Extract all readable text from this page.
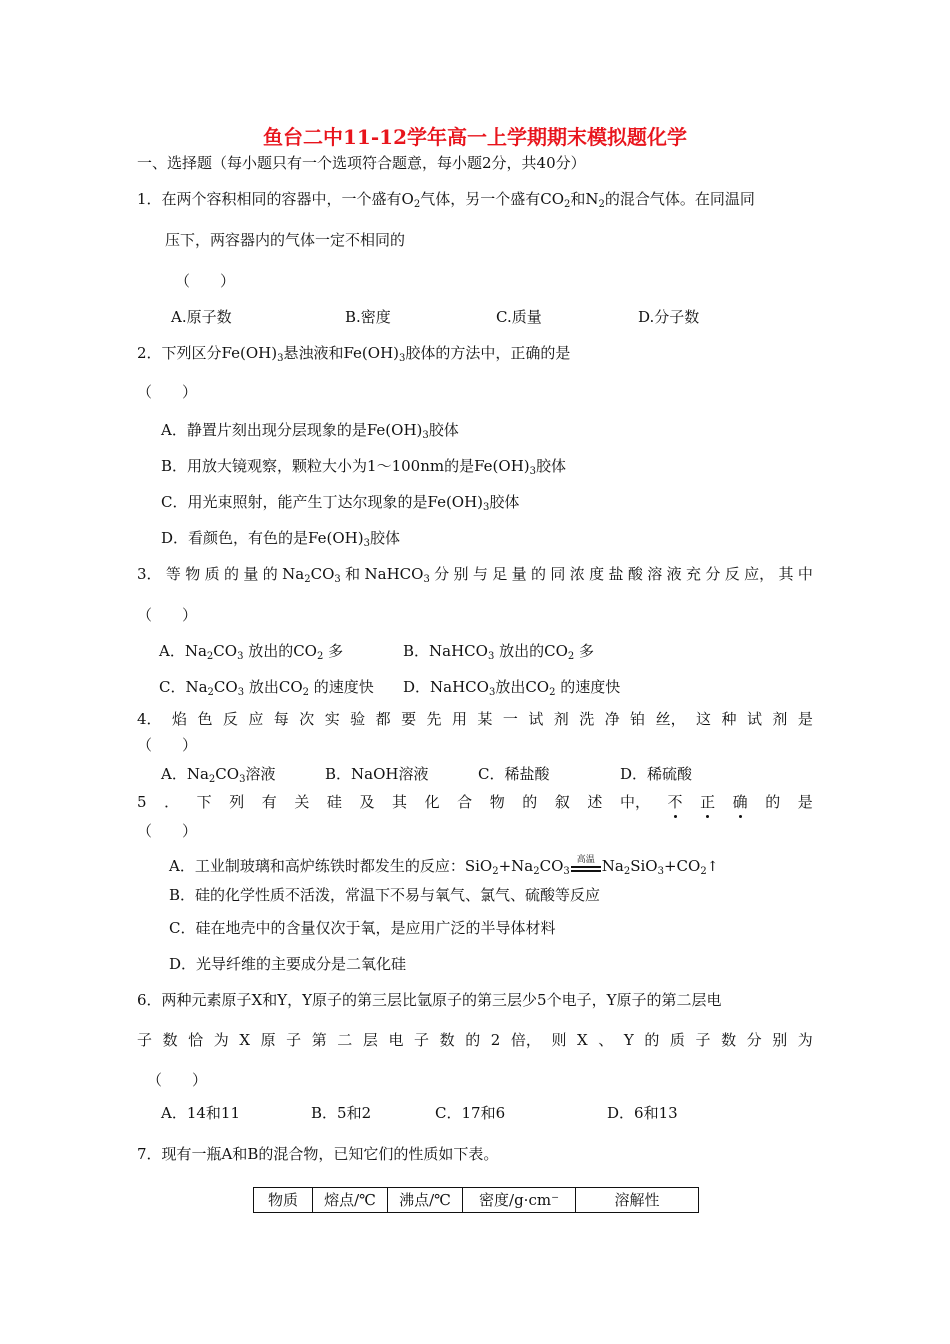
鱼台二中11-12学年高一上学期期末模拟题化学
一、选择题（每小题只有一个选项符合题意，每小题2分，共40分）
1．在两个容积相同的容器中，一个盛有$O_2$气体，另一个盛有$CO_2$和$N_2$的混合气体。在同温同
压下，两容器内的气体一定不相同的
（　　）
A.原子数	B.密度	C.质量	D.分子数
2．下列区分$Fe(OH)_3$悬浊液和$Fe(OH)_3$胶体的方法中，正确的是
（　　）
A．静置片刻出现分层现象的是$Fe(OH)_3$胶体
B．用放大镜观察，颗粒大小为1～100nm的是$Fe(OH)_3$胶体
C．用光束照射，能产生丁达尔现象的是$Fe(OH)_3$胶体
D．看颜色，有色的是$Fe(OH)_3$胶体
3． 等 物 质 的 量 的 $Na_2CO_3$ 和 NaHCO$_3$ 分 别 与 足 量 的 同 浓 度 盐 酸 溶 液 充 分 反 应， 其 中
（　　）
A．$Na_2CO_3$ 放出的$CO_2$ 多	B．NaHCO$_3$ 放出的$CO_2$ 多
C．$Na_2CO_3$ 放出$CO_2$ 的速度快 D．NaHCO$_3$放出$CO_2$ 的速度快
4． 焰 色 反 应 每 次 实 验 都 要 先 用 某 一 试 剂 洗 净 铂 丝， 这 种 试 剂 是
（　　）
A．$Na_2CO_3$溶液	B．NaOH溶液	C．稀盐酸	D．稀硫酸
5 ． 下 列 有 关 硅 及 其 化 合 物 的 叙 述 中， 不 正 确 的 是
（　　）
A．工业制玻璃和高炉练铁时都发生的反应：$SiO_2+Na_2CO_3$
高温 $Na_2SiO_3+CO_2↑$
B．硅的化学性质不活泼，常温下不易与氧气、氯气、硫酸等反应
C．硅在地壳中的含量仅次于氧，是应用广泛的半导体材料
D．光导纤维的主要成分是二氧化硅
6．两种元素原子X和Y，Y原子的第三层比氩原子的第三层少5个电子，Y原子的第二层电
子 数 恰 为 X 原 子 第 二 层 电 子 数 的 2 倍， 则 X 、 Y 的 质 子 数 分 别 为
（　　）
A．14和11	B．5和2	C．17和6	D．6和13
7．现有一瓶A和B的混合物，已知它们的性质如下表。
物质	熔点/℃	沸点/℃	密度/g·cm⁻	溶解性
